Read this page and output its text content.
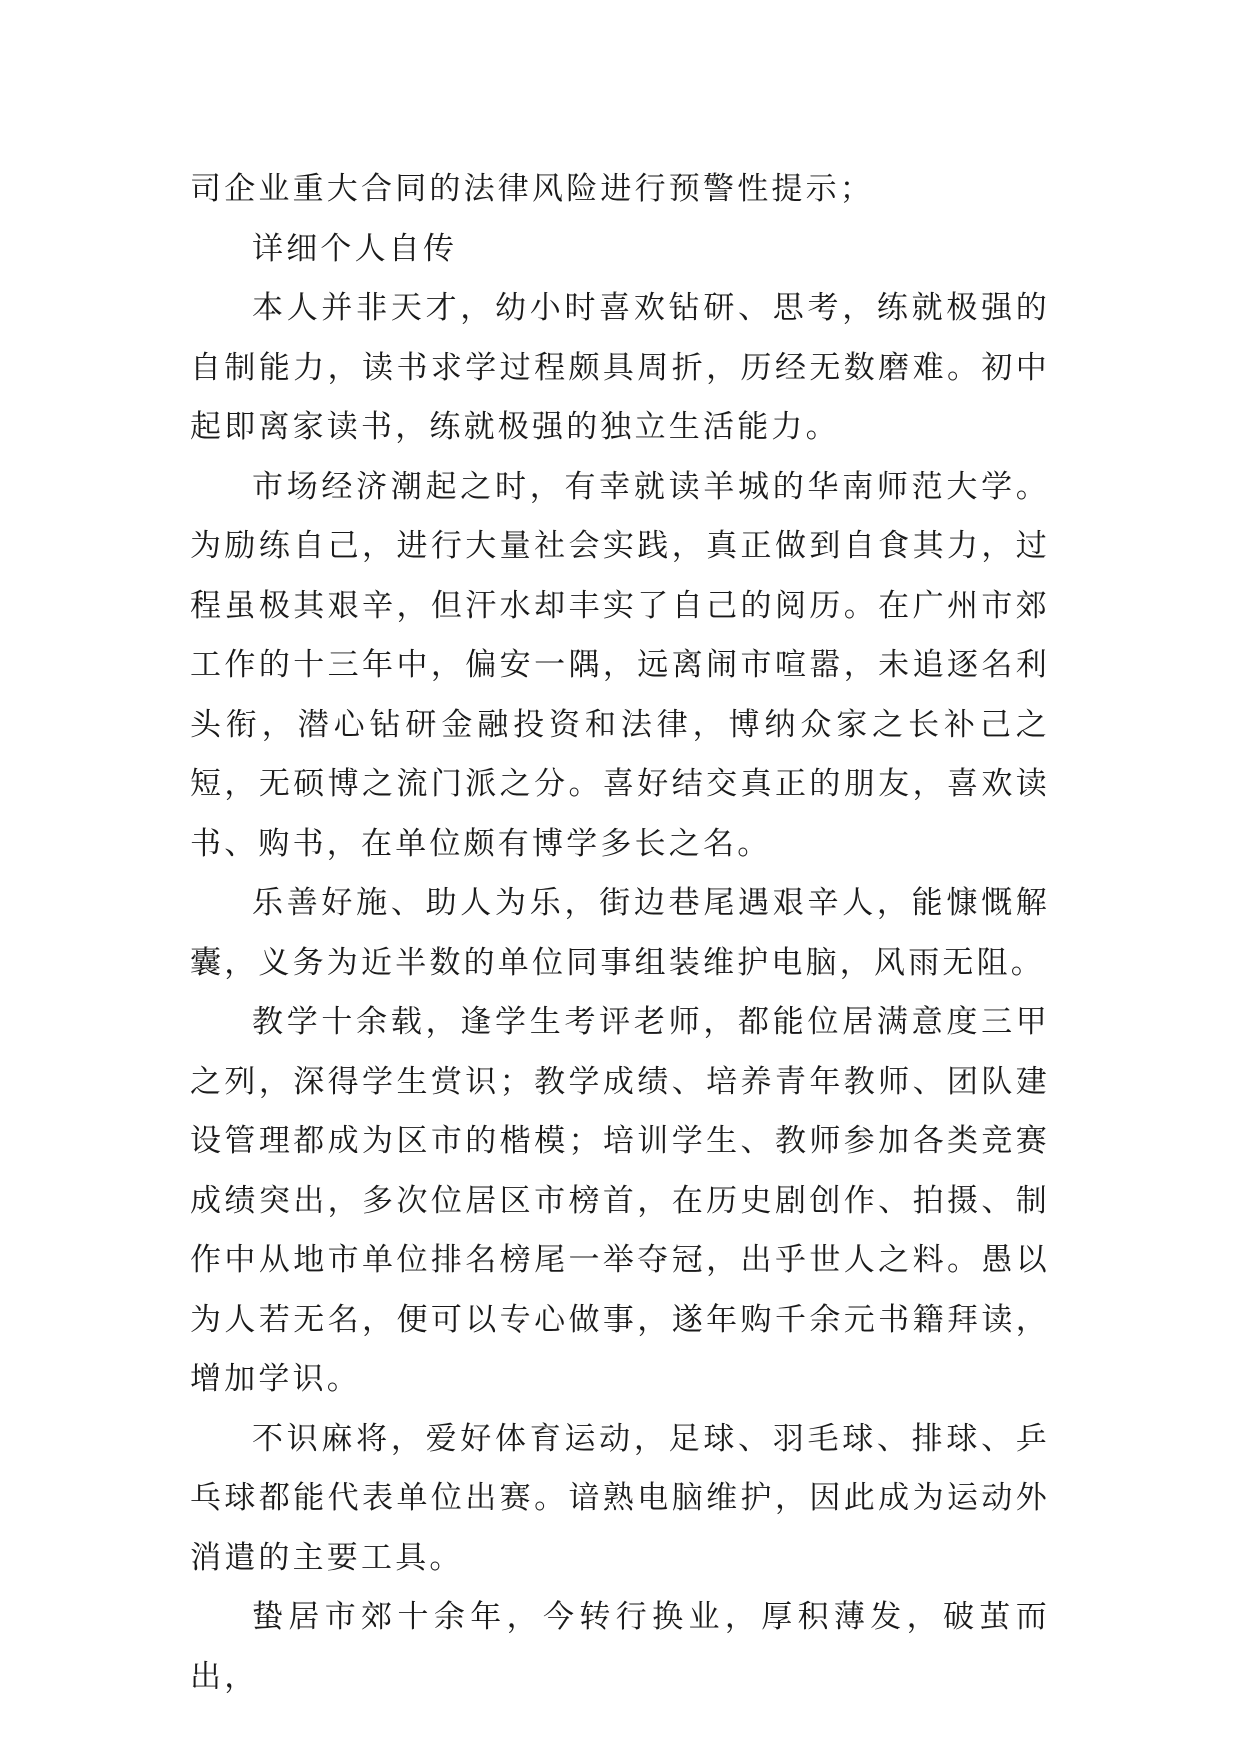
司企业重大合同的法律风险进行预警性提示；

详细个人自传

本人并非天才，幼小时喜欢钻研、思考，练就极强的自制能力，读书求学过程颇具周折，历经无数磨难。初中起即离家读书，练就极强的独立生活能力。

市场经济潮起之时，有幸就读羊城的华南师范大学。为励练自己，进行大量社会实践，真正做到自食其力，过程虽极其艰辛，但汗水却丰实了自己的阅历。在广州市郊工作的十三年中，偏安一隅，远离闹市喧嚣，未追逐名利头衔，潜心钻研金融投资和法律，博纳众家之长补己之短，无硕博之流门派之分。喜好结交真正的朋友，喜欢读书、购书，在单位颇有博学多长之名。

乐善好施、助人为乐，街边巷尾遇艰辛人，能慷慨解囊，义务为近半数的单位同事组装维护电脑，风雨无阻。

教学十余载，逢学生考评老师，都能位居满意度三甲之列，深得学生赏识；教学成绩、培养青年教师、团队建设管理都成为区市的楷模；培训学生、教师参加各类竞赛成绩突出，多次位居区市榜首，在历史剧创作、拍摄、制作中从地市单位排名榜尾一举夺冠，出乎世人之料。愚以为人若无名，便可以专心做事，遂年购千余元书籍拜读，增加学识。

不识麻将，爱好体育运动，足球、羽毛球、排球、乒乓球都能代表单位出赛。谙熟电脑维护，因此成为运动外消遣的主要工具。

蛰居市郊十余年，今转行换业，厚积薄发，破茧而出，
